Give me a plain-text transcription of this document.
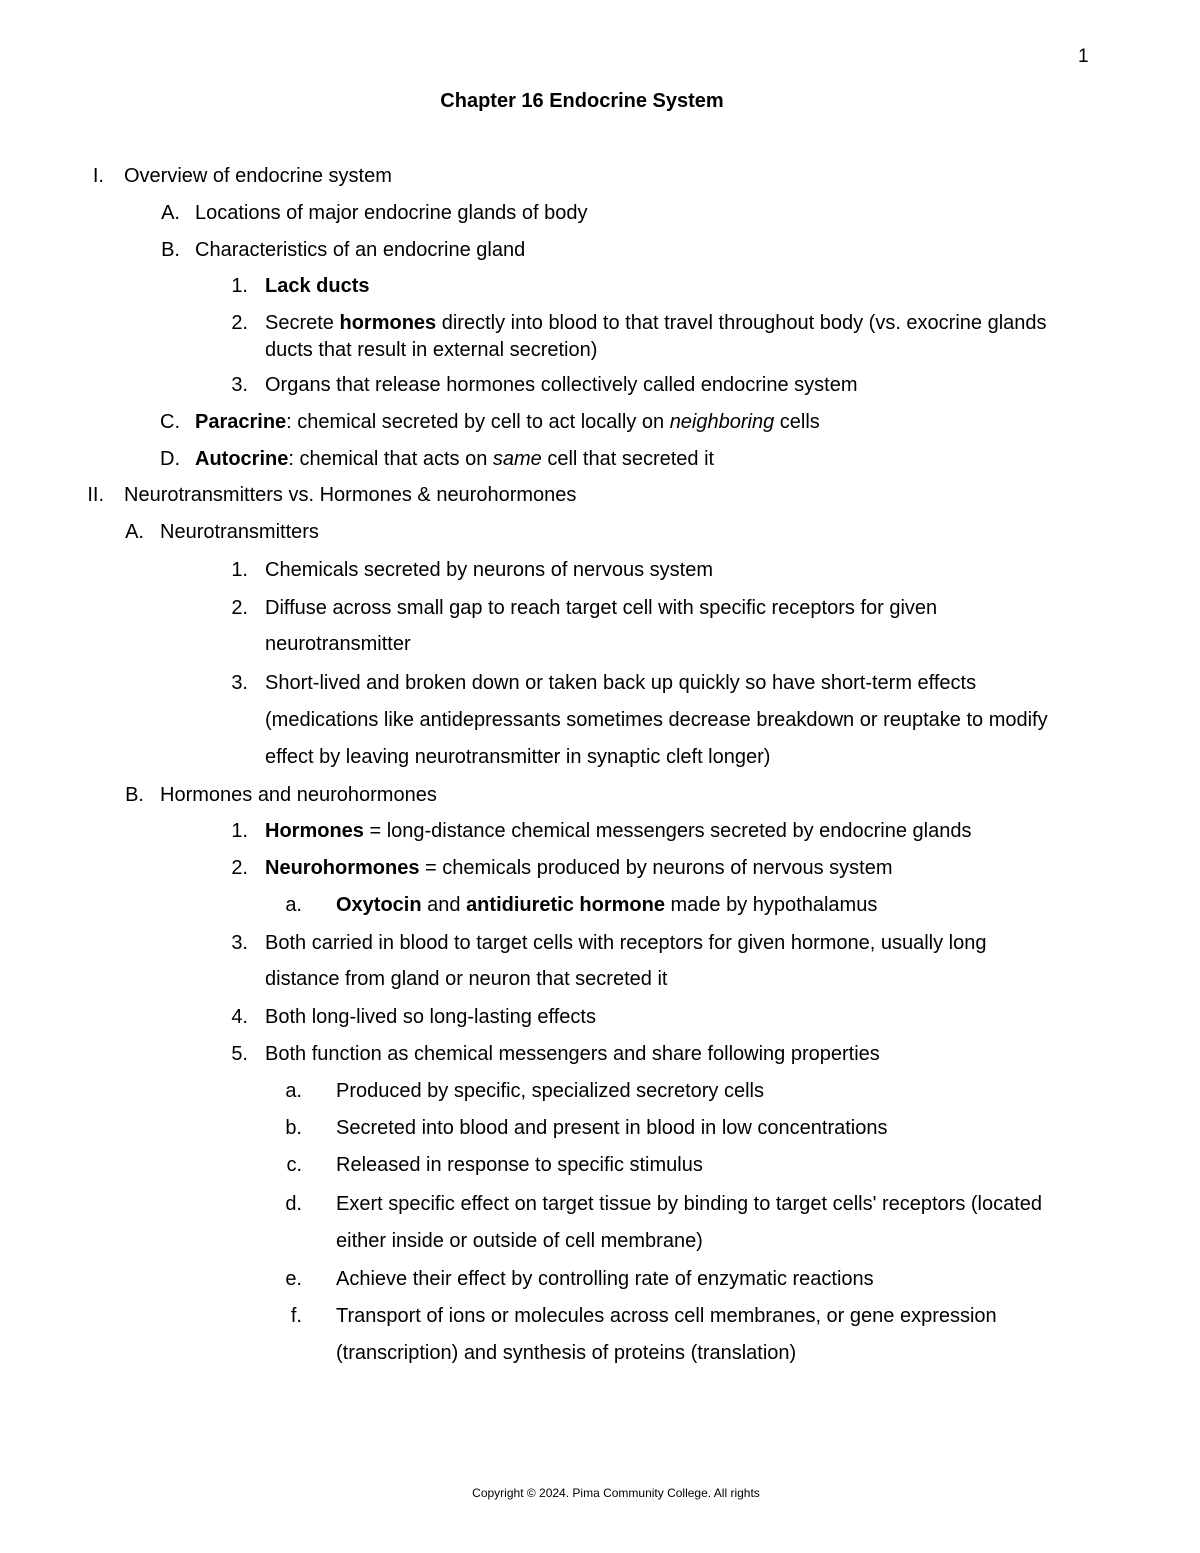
1
Chapter 16 Endocrine System
I. Overview of endocrine system
A. Locations of major endocrine glands of body
B. Characteristics of an endocrine gland
1. Lack ducts
2. Secrete hormones directly into blood to that travel throughout body (vs. exocrine glands
ducts that result in external secretion)
3. Organs that release hormones collectively called endocrine system
C. Paracrine: chemical secreted by cell to act locally on neighboring cells
D. Autocrine: chemical that acts on same cell that secreted it
II. Neurotransmitters vs. Hormones & neurohormones
A. Neurotransmitters
1. Chemicals secreted by neurons of nervous system
2. Diffuse across small gap to reach target cell with specific receptors for given
neurotransmitter
3. Short-lived and broken down or taken back up quickly so have short-term effects
(medications like antidepressants sometimes decrease breakdown or reuptake to modify
effect by leaving neurotransmitter in synaptic cleft longer)
B. Hormones and neurohormones
1. Hormones = long-distance chemical messengers secreted by endocrine glands
2. Neurohormones = chemicals produced by neurons of nervous system
a. Oxytocin and antidiuretic hormone made by hypothalamus
3. Both carried in blood to target cells with receptors for given hormone, usually long
distance from gland or neuron that secreted it
4. Both long-lived so long-lasting effects
5. Both function as chemical messengers and share following properties
a. Produced by specific, specialized secretory cells
b. Secreted into blood and present in blood in low concentrations
c. Released in response to specific stimulus
d. Exert specific effect on target tissue by binding to target cells' receptors (located
either inside or outside of cell membrane)
e. Achieve their effect by controlling rate of enzymatic reactions
f. Transport of ions or molecules across cell membranes, or gene expression
(transcription) and synthesis of proteins (translation)
Copyright © 2024. Pima Community College. All rights
